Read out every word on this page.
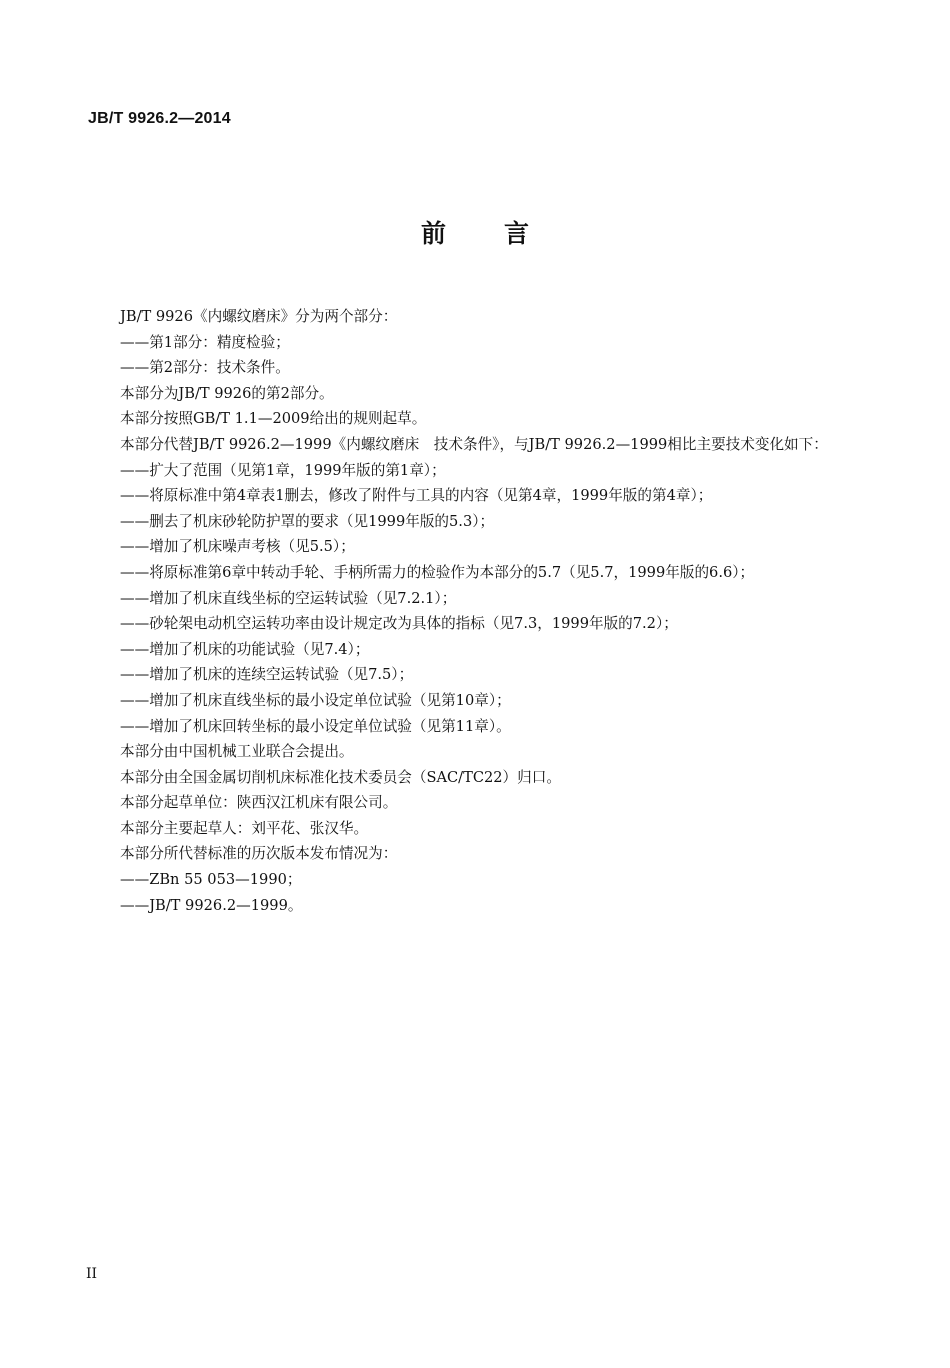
JB/T 9926.2—2014
前言

JB/T 9926《内螺纹磨床》分为两个部分：

——第1部分：精度检验；

——第2部分：技术条件。

本部分为JB/T 9926的第2部分。

本部分按照GB/T 1.1—2009给出的规则起草。

本部分代替JB/T 9926.2—1999《内螺纹磨床　技术条件》，与JB/T 9926.2—1999相比主要技术变化如下：

——扩大了范围（见第1章，1999年版的第1章）；

——将原标准中第4章表1删去，修改了附件与工具的内容（见第4章，1999年版的第4章）；

——删去了机床砂轮防护罩的要求（见1999年版的5.3）；

——增加了机床噪声考核（见5.5）；

——将原标准第6章中转动手轮、手柄所需力的检验作为本部分的5.7（见5.7，1999年版的6.6）；

——增加了机床直线坐标的空运转试验（见7.2.1）；

——砂轮架电动机空运转功率由设计规定改为具体的指标（见7.3，1999年版的7.2）；

——增加了机床的功能试验（见7.4）；

——增加了机床的连续空运转试验（见7.5）；

——增加了机床直线坐标的最小设定单位试验（见第10章）；

——增加了机床回转坐标的最小设定单位试验（见第11章）。

本部分由中国机械工业联合会提出。

本部分由全国金属切削机床标准化技术委员会（SAC/TC22）归口。

本部分起草单位：陕西汉江机床有限公司。

本部分主要起草人：刘平花、张汉华。

本部分所代替标准的历次版本发布情况为：

——ZBn 55 053—1990；

——JB/T 9926.2—1999。

II
